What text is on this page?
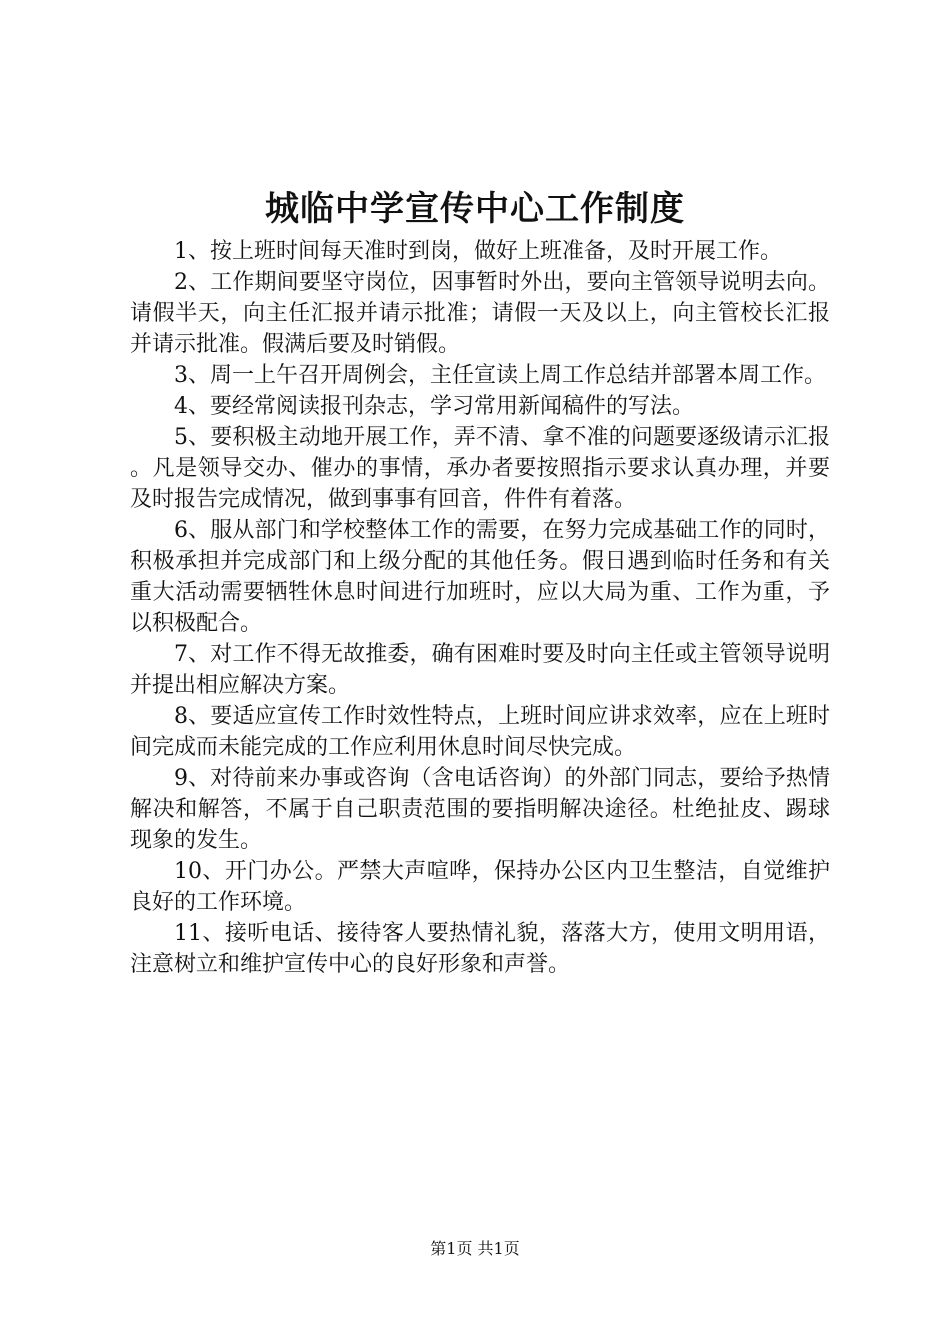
城临中学宣传中心工作制度

1、按上班时间每天准时到岗，做好上班准备，及时开展工作。

2、工作期间要坚守岗位，因事暂时外出，要向主管领导说明去向。请假半天，向主任汇报并请示批准；请假一天及以上，向主管校长汇报并请示批准。假满后要及时销假。

3、周一上午召开周例会，主任宣读上周工作总结并部署本周工作。

4、要经常阅读报刊杂志，学习常用新闻稿件的写法。

5、要积极主动地开展工作，弄不清、拿不准的问题要逐级请示汇报。凡是领导交办、催办的事情，承办者要按照指示要求认真办理，并要及时报告完成情况，做到事事有回音，件件有着落。

6、服从部门和学校整体工作的需要，在努力完成基础工作的同时，积极承担并完成部门和上级分配的其他任务。假日遇到临时任务和有关重大活动需要牺牲休息时间进行加班时，应以大局为重、工作为重，予以积极配合。

7、对工作不得无故推委，确有困难时要及时向主任或主管领导说明并提出相应解决方案。

8、要适应宣传工作时效性特点，上班时间应讲求效率，应在上班时间完成而未能完成的工作应利用休息时间尽快完成。

9、对待前来办事或咨询（含电话咨询）的外部门同志，要给予热情解决和解答，不属于自己职责范围的要指明解决途径。杜绝扯皮、踢球现象的发生。

10、开门办公。严禁大声喧哗，保持办公区内卫生整洁，自觉维护良好的工作环境。

11、接听电话、接待客人要热情礼貌，落落大方，使用文明用语，注意树立和维护宣传中心的良好形象和声誉。

第1页 共1页
